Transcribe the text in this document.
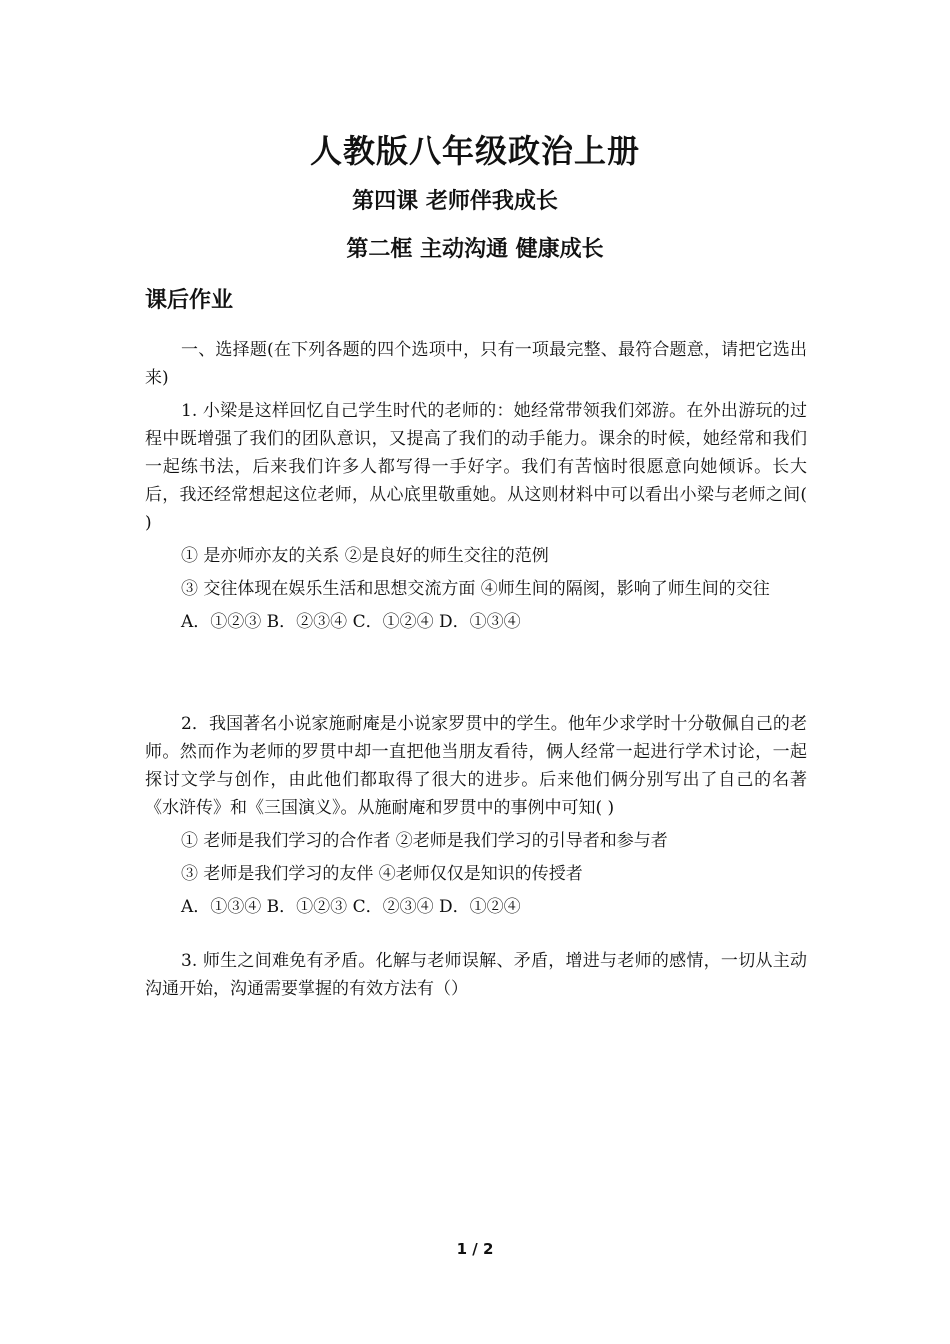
人教版八年级政治上册
第四课 老师伴我成长
第二框 主动沟通 健康成长
课后作业

一、选择题(在下列各题的四个选项中，只有一项最完整、最符合题意，请把它选出来)

1. 小梁是这样回忆自己学生时代的老师的：她经常带领我们郊游。在外出游玩的过程中既增强了我们的团队意识，又提高了我们的动手能力。课余的时候，她经常和我们一起练书法，后来我们许多人都写得一手好字。我们有苦恼时很愿意向她倾诉。长大后，我还经常想起这位老师，从心底里敬重她。从这则材料中可以看出小梁与老师之间( )

① 是亦师亦友的关系 ②是良好的师生交往的范例

③ 交往体现在娱乐生活和思想交流方面 ④师生间的隔阂，影响了师生间的交往

A．①②③ B．②③④ C．①②④ D．①③④

2．我国著名小说家施耐庵是小说家罗贯中的学生。他年少求学时十分敬佩自己的老师。然而作为老师的罗贯中却一直把他当朋友看待，俩人经常一起进行学术讨论，一起探讨文学与创作，由此他们都取得了很大的进步。后来他们俩分别写出了自己的名著《水浒传》和《三国演义》。从施耐庵和罗贯中的事例中可知( )

① 老师是我们学习的合作者 ②老师是我们学习的引导者和参与者

③ 老师是我们学习的友伴 ④老师仅仅是知识的传授者

A．①③④ B．①②③ C．②③④ D．①②④

3. 师生之间难免有矛盾。化解与老师误解、矛盾，增进与老师的感情，一切从主动沟通开始，沟通需要掌握的有效方法有（）

1 / 2
